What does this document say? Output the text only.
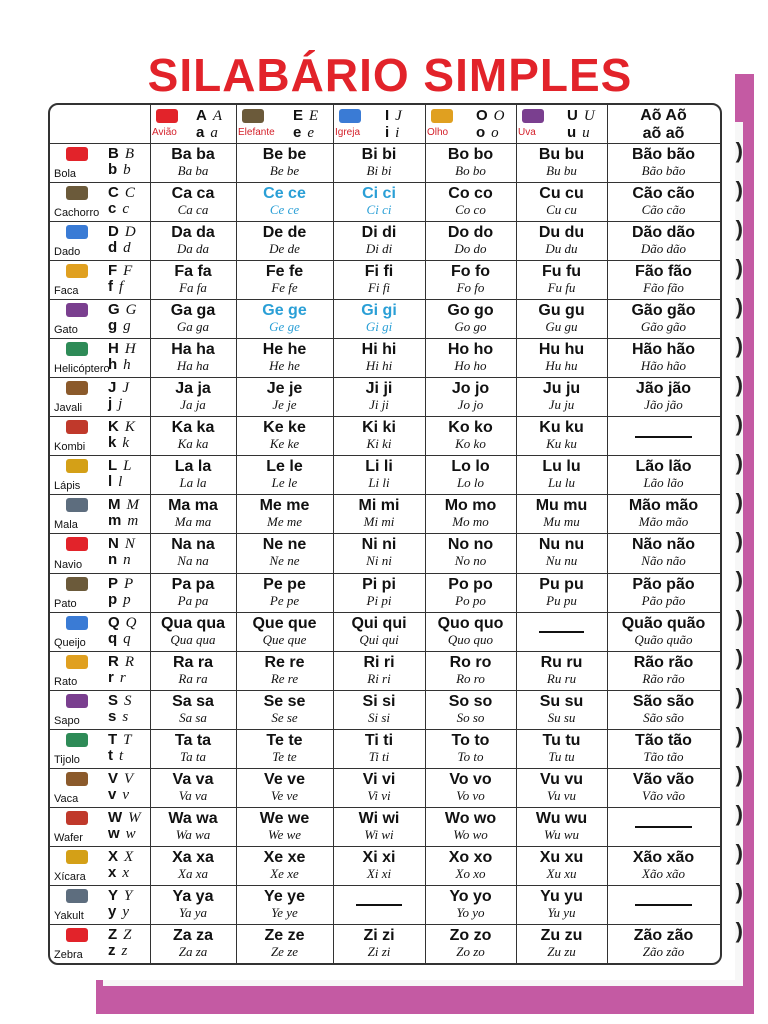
)
)
)
)
)
)
)
)
)
)
)
)
)
)
)
)
)
)
)
)
)
SILABÁRIO SIMPLES
Avião
A A
a a Elefante
E E
e e Igreja
I J
i i	Olho
O O
o o Uva
U U
u u
Aõ Aõ
aõ aõ
B B
b b
Bola
Ba ba
Ba ba
Be be
Be be
Bi bi
Bi bi
Bo bo
Bo bo
Bu bu
Bu bu
Bão bão
Bão bão
C C
c c
Cachorro
Ca ca
Ca ca
Ce ce
Ce ce
Ci ci
Ci ci
Co co
Co co
Cu cu
Cu cu
Cão cão
Cão cão
D D
d d
Dado
Da da
Da da
De de
De de
Di di
Di di
Do do
Do do
Du du
Du du
Dão dão
Dão dão
F F
f f
Faca
Fa fa
Fa fa
Fe fe
Fe fe
Fi fi
Fi fi
Fo fo
Fo fo
Fu fu
Fu fu
Fão fão
Fão fão
G G
g g
Gato
Ga ga
Ga ga
Ge ge
Ge ge
Gi gi
Gi gi
Go go
Go go
Gu gu
Gu gu
Gão gão
Gão gão
H H
h h
Helicóptero
Ha ha
Ha ha
He he
He he
Hi hi
Hi hi
Ho ho
Ho ho
Hu hu
Hu hu
Hão hão
Hão hão
J J
j j
Javali
Ja ja
Ja ja
Je je
Je je
Ji ji
Ji ji
Jo jo
Jo jo
Ju ju
Ju ju
Jão jão
Jão jão
K K
k k
Kombi
Ka ka
Ka ka
Ke ke
Ke ke
Ki ki
Ki ki
Ko ko
Ko ko
Ku ku
Ku ku
L L
l l
Lápis
La la
La la
Le le
Le le
Li li
Li li
Lo lo
Lo lo
Lu lu
Lu lu
Lão lão
Lão lão
M M
m m
Mala
Ma ma
Ma ma
Me me
Me me
Mi mi
Mi mi
Mo mo
Mo mo
Mu mu
Mu mu
Mão mão
Mão mão
N N
n n
Navio
Na na
Na na
Ne ne
Ne ne
Ni ni
Ni ni
No no
No no
Nu nu
Nu nu
Não não
Não não
P P
p p
Pato
Pa pa
Pa pa
Pe pe
Pe pe
Pi pi
Pi pi
Po po
Po po
Pu pu
Pu pu
Pão pão
Pão pão
Q Q
q q
Queijo
Qua qua
Qua qua
Que que
Que que
Qui qui
Qui qui
Quo quo
Quo quo
Quão quão
Quão quão
R R
r r
Rato
Ra ra
Ra ra
Re re
Re re
Ri ri
Ri ri
Ro ro
Ro ro
Ru ru
Ru ru
Rão rão
Rão rão
S S
s s
Sapo
Sa sa
Sa sa
Se se
Se se
Si si
Si si
So so
So so
Su su
Su su
São são
São são
T T
t t
Tijolo
Ta ta
Ta ta
Te te
Te te
Ti ti
Ti ti
To to
To to
Tu tu
Tu tu
Tão tão
Tão tão
V V
v v
Vaca
Va va
Va va
Ve ve
Ve ve
Vi vi
Vi vi
Vo vo
Vo vo
Vu vu
Vu vu
Vão vão
Vão vão
W W
w w
Wafer
Wa wa
Wa wa
We we
We we
Wi wi
Wi wi
Wo wo
Wo wo
Wu wu
Wu wu
X X
x x
Xícara
Xa xa
Xa xa
Xe xe
Xe xe
Xi xi
Xi xi
Xo xo
Xo xo
Xu xu
Xu xu
Xão xão
Xão xão
Y Y
y y
Yakult
Ya ya
Ya ya
Ye ye
Ye ye
Yo yo
Yo yo
Yu yu
Yu yu
Z Z
z z
Zebra
Za za
Za za
Ze ze
Ze ze
Zi zi
Zi zi
Zo zo
Zo zo
Zu zu
Zu zu
Zão zão
Zão zão
